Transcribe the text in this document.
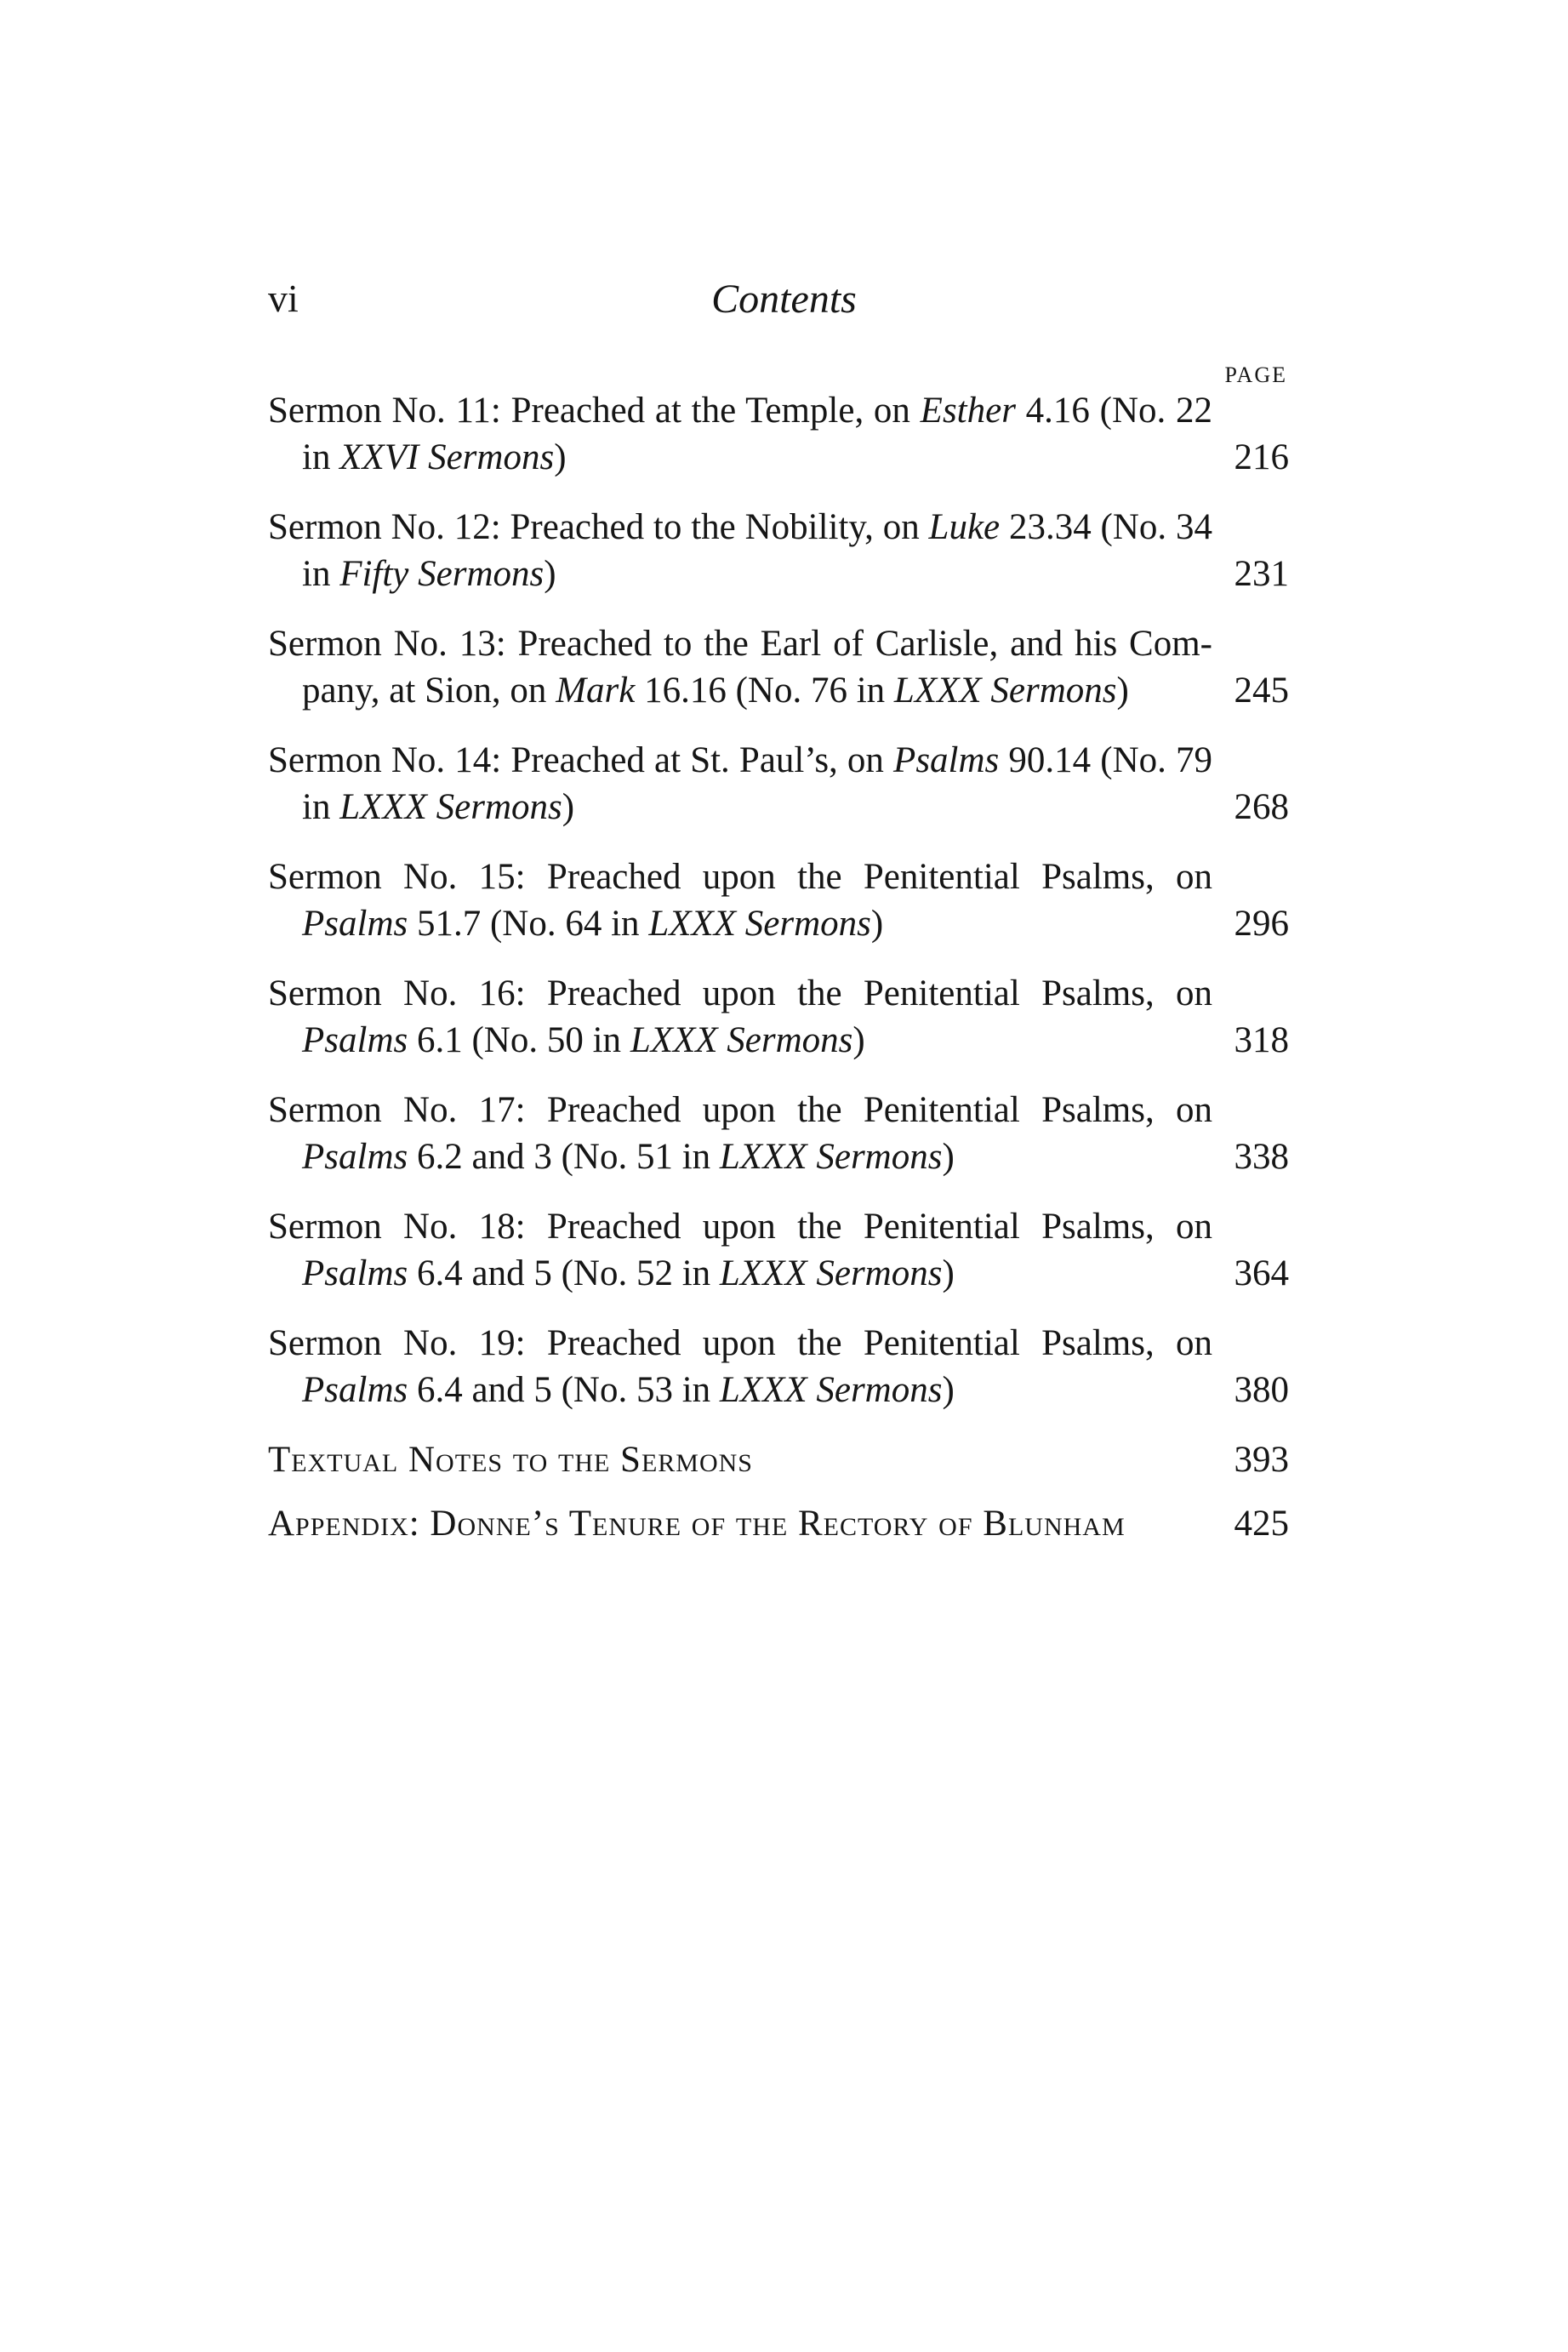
vi	Contents
PAGE
Sermon No. 11: Preached at the Temple, on Esther 4.16 (No. 22
in XXVI Sermons)	216
Sermon No. 12: Preached to the Nobility, on Luke 23.34 (No. 34
in Fifty Sermons)	231
Sermon No. 13: Preached to the Earl of Carlisle, and his Com-
pany, at Sion, on Mark 16.16 (No. 76 in LXXX Sermons)	245
Sermon No. 14: Preached at St. Paul’s, on Psalms 90.14 (No. 79
in LXXX Sermons)	268
Sermon No. 15: Preached upon the Penitential Psalms, on
Psalms 51.7 (No. 64 in LXXX Sermons)	296
Sermon No. 16: Preached upon the Penitential Psalms, on
Psalms 6.1 (No. 50 in LXXX Sermons)	318
Sermon No. 17: Preached upon the Penitential Psalms, on
Psalms 6.2 and 3 (No. 51 in LXXX Sermons)	338
Sermon No. 18: Preached upon the Penitential Psalms, on
Psalms 6.4 and 5 (No. 52 in LXXX Sermons)	364
Sermon No. 19: Preached upon the Penitential Psalms, on
Psalms 6.4 and 5 (No. 53 in LXXX Sermons)	380
Textual Notes to the Sermons	393
Appendix: Donne’s Tenure of the Rectory of Blunham	425
